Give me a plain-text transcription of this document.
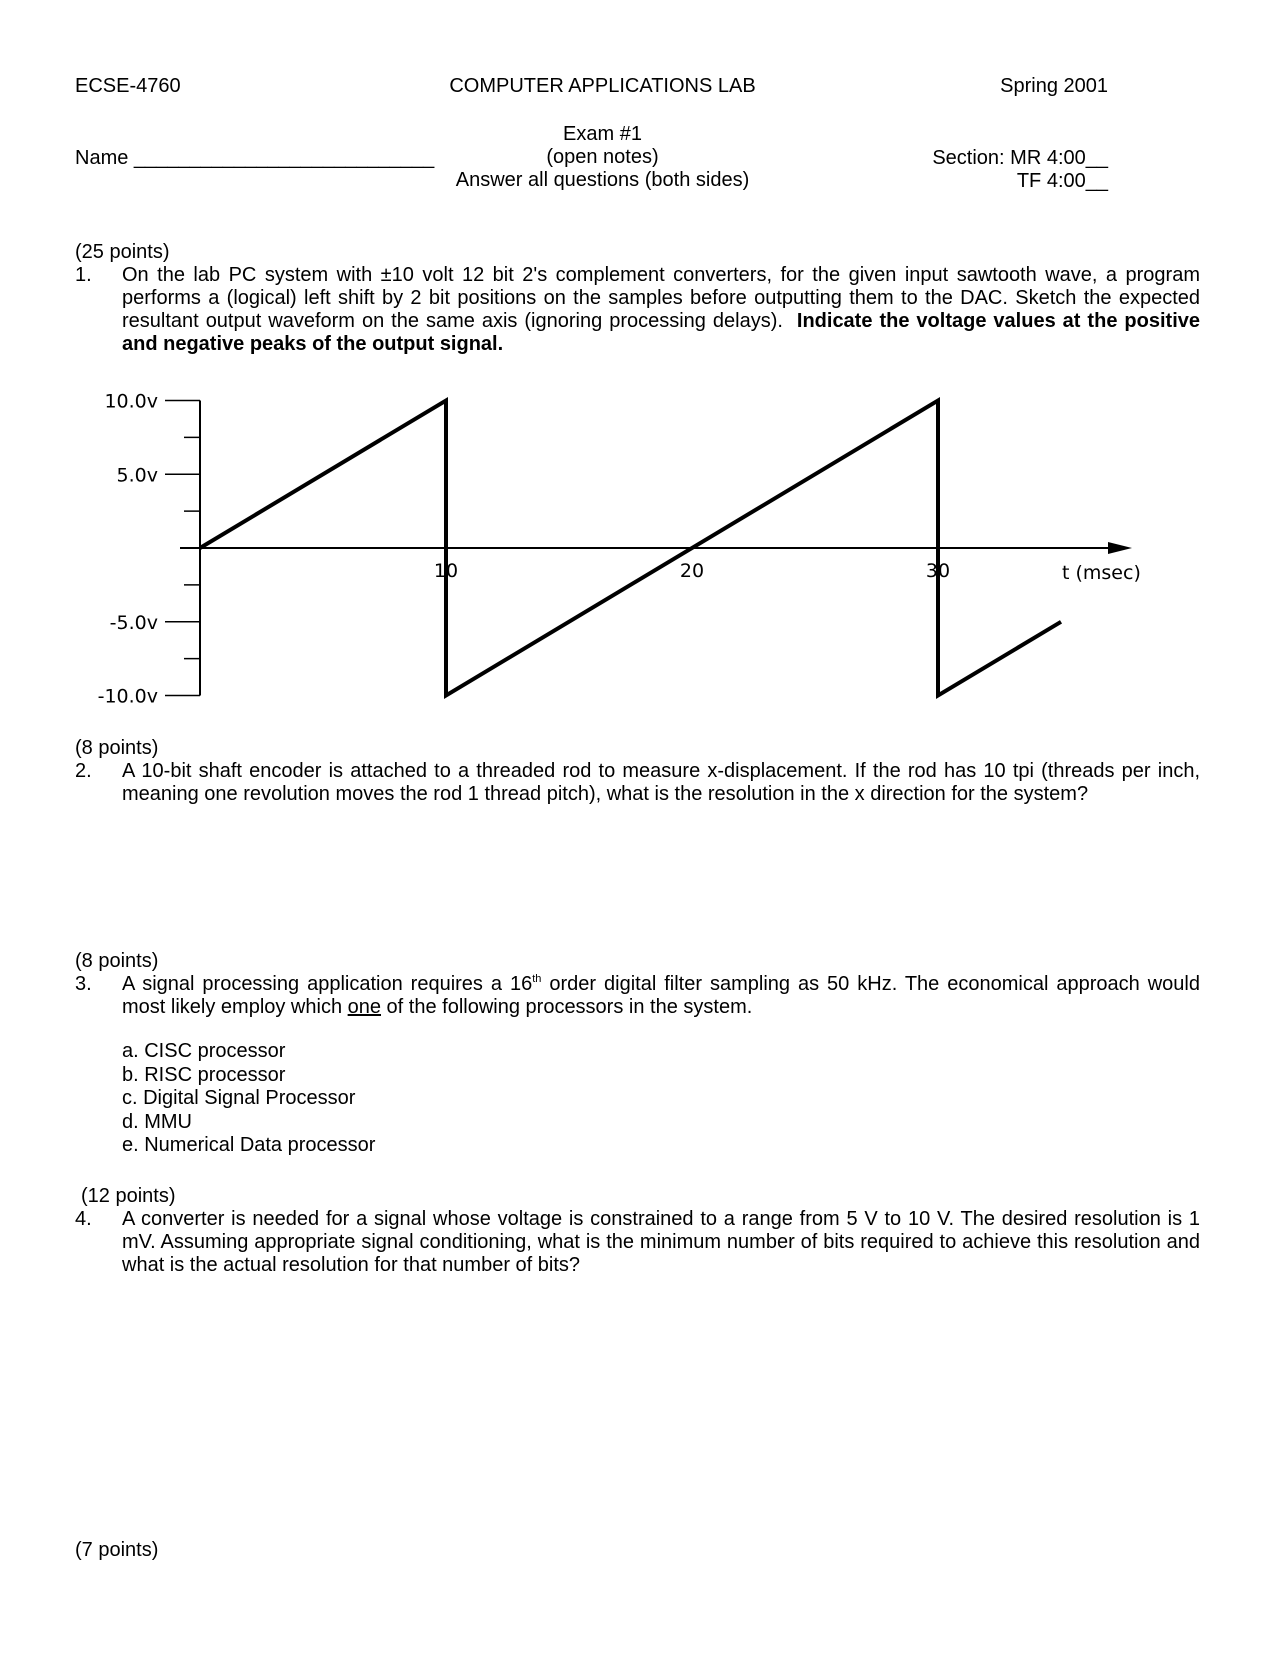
ECSE-4760	COMPUTER APPLICATIONS LAB	Spring 2001
Exam #1
(open notes)
Answer all questions (both sides)
Name ___________________________	Section: MR 4:00__
TF 4:00__
(25 points)
1.	On the lab PC system with ±10 volt 12 bit 2's complement converters, for the given input sawtooth wave, a program performs a (logical) left shift by 2 bit positions on the samples before outputting them to the DAC. Sketch the expected resultant output waveform on the same axis (ignoring processing delays). Indicate the voltage values at the positive and negative peaks of the output signal.
10.0v
5.0v
-5.0v
-10.0v
10	20	30	t (msec)
(8 points)
2.	A 10-bit shaft encoder is attached to a threaded rod to measure x-displacement. If the rod has 10 tpi (threads per inch, meaning one revolution moves the rod 1 thread pitch), what is the resolution in the x direction for the system?
(8 points)
3.	A signal processing application requires a 16th order digital filter sampling as 50 kHz. The economical approach would most likely employ which one of the following processors in the system.
a. CISC processor
b. RISC processor
c. Digital Signal Processor
d. MMU
e. Numerical Data processor
(12 points)
4.	A converter is needed for a signal whose voltage is constrained to a range from 5 V to 10 V. The desired resolution is 1 mV. Assuming appropriate signal conditioning, what is the minimum number of bits required to achieve this resolution and what is the actual resolution for that number of bits?
(7 points)
